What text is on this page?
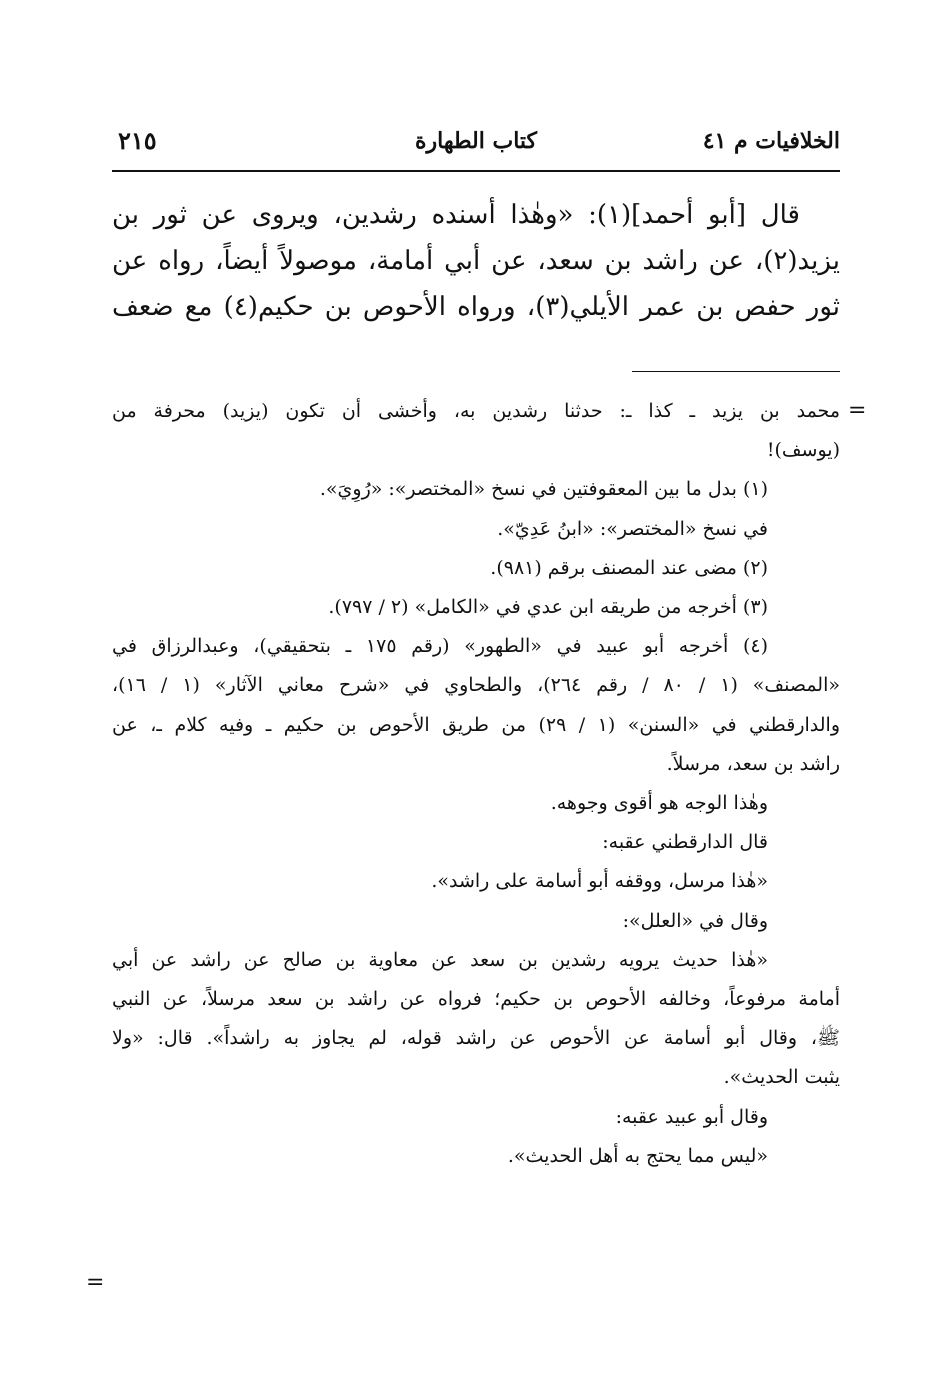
الخلافيات م ٤١
كتاب الطهارة
٢١٥
قال [أبو أحمد](١): «وهٰذا أسنده رشدين، ويروى عن ثور بن
يزيد(٢)، عن راشد بن سعد، عن أبي أمامة، موصولاً أيضاً، رواه عن
ثور حفص بن عمر الأيلي(٣)، ورواه الأحوص بن حكيم(٤) مع ضعف
=
محمد بن يزيد ـ كذا ـ: حدثنا رشدين به، وأخشى أن تكون (يزيد) محرفة من
(يوسف)!
(١) بدل ما بين المعقوفتين في نسخ «المختصر»: «رُوِيَ».
في نسخ «المختصر»: «ابنُ عَدِيّ».
(٢) مضى عند المصنف برقم (٩٨١).
(٣) أخرجه من طريقه ابن عدي في «الكامل» (٢ / ٧٩٧).
(٤) أخرجه أبو عبيد في «الطهور» (رقم ١٧٥ ـ بتحقيقي)، وعبدالرزاق في
«المصنف» (١ / ٨٠ / رقم ٢٦٤)، والطحاوي في «شرح معاني الآثار» (١ / ١٦)،
والدارقطني في «السنن» (١ / ٢٩) من طريق الأحوص بن حكيم ـ وفيه كلام ـ، عن
راشد بن سعد، مرسلاً.
وهٰذا الوجه هو أقوى وجوهه.
قال الدارقطني عقبه:
«هٰذا مرسل، ووقفه أبو أسامة على راشد».
وقال في «العلل»:
«هٰذا حديث يرويه رشدين بن سعد عن معاوية بن صالح عن راشد عن أبي
أمامة مرفوعاً، وخالفه الأحوص بن حكيم؛ فرواه عن راشد بن سعد مرسلاً، عن النبي
ﷺ، وقال أبو أسامة عن الأحوص عن راشد قوله، لم يجاوز به راشداً». قال: «ولا
يثبت الحديث».
وقال أبو عبيد عقبه:
«ليس مما يحتج به أهل الحديث».
=
